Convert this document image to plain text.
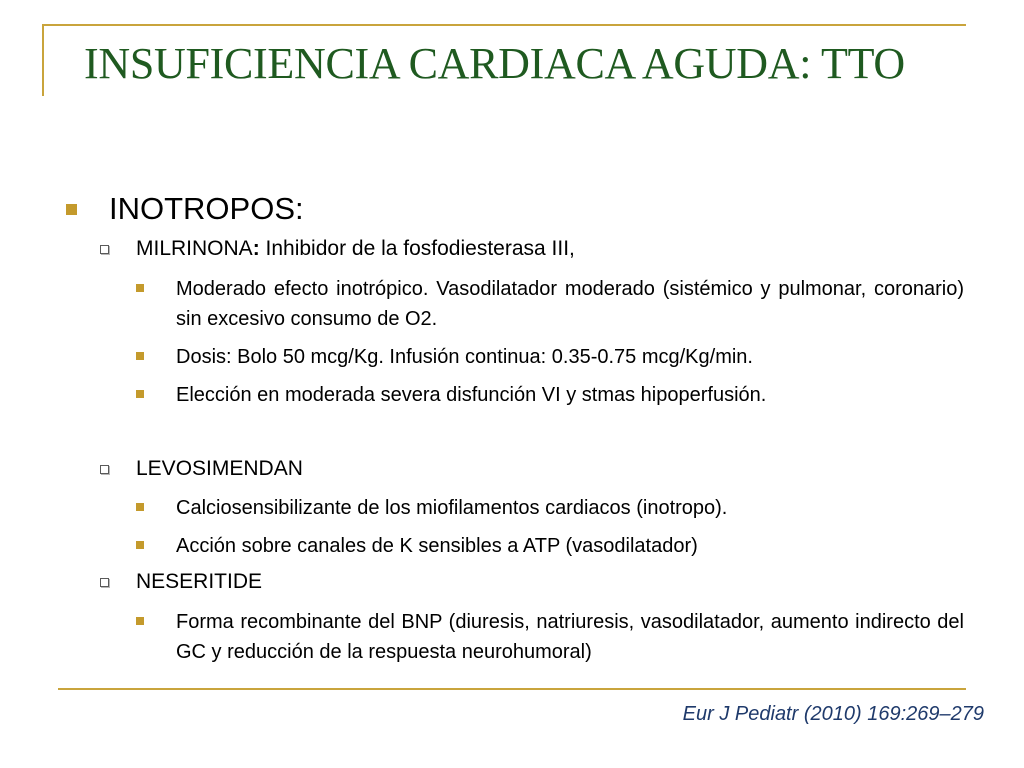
INSUFICIENCIA CARDIACA AGUDA: TTO
INOTROPOS:
MILRINONA: Inhibidor de la fosfodiesterasa III,
Moderado efecto inotrópico. Vasodilatador moderado (sistémico y pulmonar, coronario) sin excesivo consumo de O2.
Dosis: Bolo 50 mcg/Kg. Infusión continua: 0.35-0.75 mcg/Kg/min.
Elección en moderada severa disfunción VI y stmas hipoperfusión.
LEVOSIMENDAN
Calciosensibilizante de los miofilamentos cardiacos (inotropo).
Acción sobre canales de K sensibles a ATP (vasodilatador)
NESERITIDE
Forma recombinante del BNP (diuresis, natriuresis, vasodilatador, aumento indirecto del GC y reducción de la respuesta neurohumoral)
Eur J Pediatr (2010) 169:269–279
